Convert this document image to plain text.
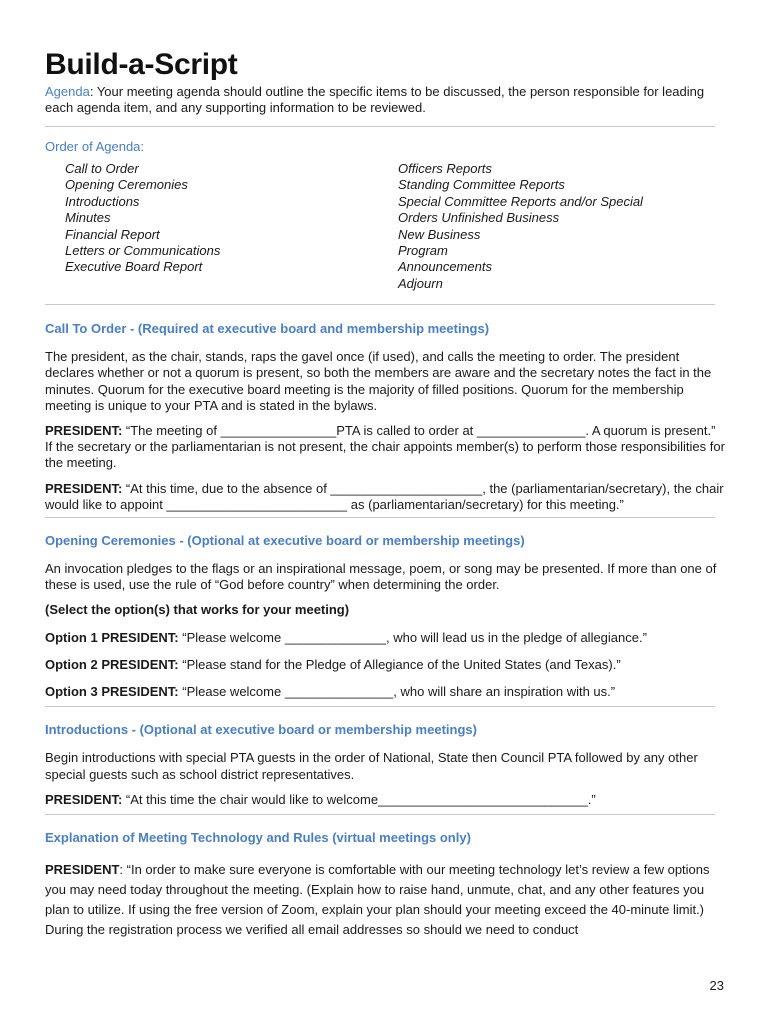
Build-a-Script

Agenda: Your meeting agenda should outline the specific items to be discussed, the person responsible for leading each agenda item, and any supporting information to be reviewed.

Order of Agenda:
Call to Order
Opening Ceremonies
Introductions
Minutes
Financial Report
Letters or Communications
Executive Board Report
Officers Reports
Standing Committee Reports
Special Committee Reports and/or Special
Orders Unfinished Business
New Business
Program
Announcements
Adjourn
Call To Order - (Required at executive board and membership meetings)

The president, as the chair, stands, raps the gavel once (if used), and calls the meeting to order. The president declares whether or not a quorum is present, so both the members are aware and the secretary notes the fact in the minutes. Quorum for the executive board meeting is the majority of filled positions. Quorum for the membership meeting is unique to your PTA and is stated in the bylaws.

PRESIDENT: “The meeting of ________________PTA is called to order at _______________. A quorum is present.” If the secretary or the parliamentarian is not present, the chair appoints member(s) to perform those responsibilities for the meeting.

PRESIDENT: “At this time, due to the absence of _____________________, the (parliamentarian/secretary), the chair would like to appoint _________________________ as (parliamentarian/secretary) for this meeting.”

Opening Ceremonies - (Optional at executive board or membership meetings)

An invocation pledges to the flags or an inspirational message, poem, or song may be presented. If more than one of these is used, use the rule of “God before country” when determining the order.

(Select the option(s) that works for your meeting)

Option 1 PRESIDENT: “Please welcome ______________, who will lead us in the pledge of allegiance.”

Option 2 PRESIDENT: “Please stand for the Pledge of Allegiance of the United States (and Texas).”

Option 3 PRESIDENT: “Please welcome _______________, who will share an inspiration with us.”

Introductions - (Optional at executive board or membership meetings)

Begin introductions with special PTA guests in the order of National, State then Council PTA followed by any other special guests such as school district representatives.

PRESIDENT: “At this time the chair would like to welcome_____________________________.”

Explanation of Meeting Technology and Rules (virtual meetings only)

PRESIDENT: “In order to make sure everyone is comfortable with our meeting technology let’s review a few options you may need today throughout the meeting. (Explain how to raise hand, unmute, chat, and any other features you plan to utilize. If using the free version of Zoom, explain your plan should your meeting exceed the 40-minute limit.) During the registration process we verified all email addresses so should we need to conduct

23
